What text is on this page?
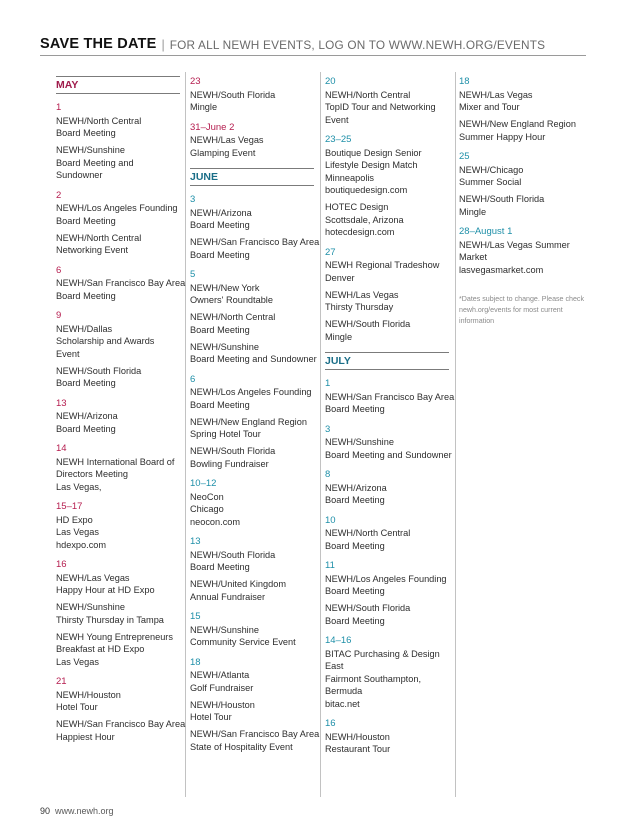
SAVE THE DATE | FOR ALL NEWH EVENTS, LOG ON TO WWW.NEWH.ORG/EVENTS
MAY
1
NEWH/North Central
Board Meeting
NEWH/Sunshine
Board Meeting and
Sundowner
2
NEWH/Los Angeles Founding
Board Meeting
NEWH/North Central
Networking Event
6
NEWH/San Francisco Bay Area
Board Meeting
9
NEWH/Dallas
Scholarship and Awards
Event
NEWH/South Florida
Board Meeting
13
NEWH/Arizona
Board Meeting
14
NEWH International Board of
Directors Meeting
Las Vegas,
15–17
HD Expo
Las Vegas
hdexpo.com
16
NEWH/Las Vegas
Happy Hour at HD Expo
NEWH/Sunshine
Thirsty Thursday in Tampa
NEWH Young Entrepreneurs
Breakfast at HD Expo
Las Vegas
21
NEWH/Houston
Hotel Tour
NEWH/San Francisco Bay Area
Happiest Hour
23
NEWH/South Florida
Mingle
31–June 2
NEWH/Las Vegas
Glamping Event
JUNE
3
NEWH/Arizona
Board Meeting
NEWH/San Francisco Bay Area
Board Meeting
5
NEWH/New York
Owners' Roundtable
NEWH/North Central
Board Meeting
NEWH/Sunshine
Board Meeting and Sundowner
6
NEWH/Los Angeles Founding
Board Meeting
NEWH/New England Region
Spring Hotel Tour
NEWH/South Florida
Bowling Fundraiser
10–12
NeoCon
Chicago
neocon.com
13
NEWH/South Florida
Board Meeting
NEWH/United Kingdom
Annual Fundraiser
15
NEWH/Sunshine
Community Service Event
18
NEWH/Atlanta
Golf Fundraiser
NEWH/Houston
Hotel Tour
NEWH/San Francisco Bay Area
State of Hospitality Event
20
NEWH/North Central
TopID Tour and Networking
Event
23–25
Boutique Design Senior
Lifestyle Design Match
Minneapolis
boutiquedesign.com
HOTEC Design
Scottsdale, Arizona
hotecdesign.com
27
NEWH Regional Tradeshow
Denver
NEWH/Las Vegas
Thirsty Thursday
NEWH/South Florida
Mingle
JULY
1
NEWH/San Francisco Bay Area
Board Meeting
3
NEWH/Sunshine
Board Meeting and Sundowner
8
NEWH/Arizona
Board Meeting
10
NEWH/North Central
Board Meeting
11
NEWH/Los Angeles Founding
Board Meeting
NEWH/South Florida
Board Meeting
14–16
BITAC Purchasing & Design
East
Fairmont Southampton,
Bermuda
bitac.net
16
NEWH/Houston
Restaurant Tour
18
NEWH/Las Vegas
Mixer and Tour
NEWH/New England Region
Summer Happy Hour
25
NEWH/Chicago
Summer Social
NEWH/South Florida
Mingle
28–August 1
NEWH/Las Vegas Summer
Market
lasvegasmarket.com
*Dates subject to change. Please check
newh.org/events for most current
information
90 www.newh.org
